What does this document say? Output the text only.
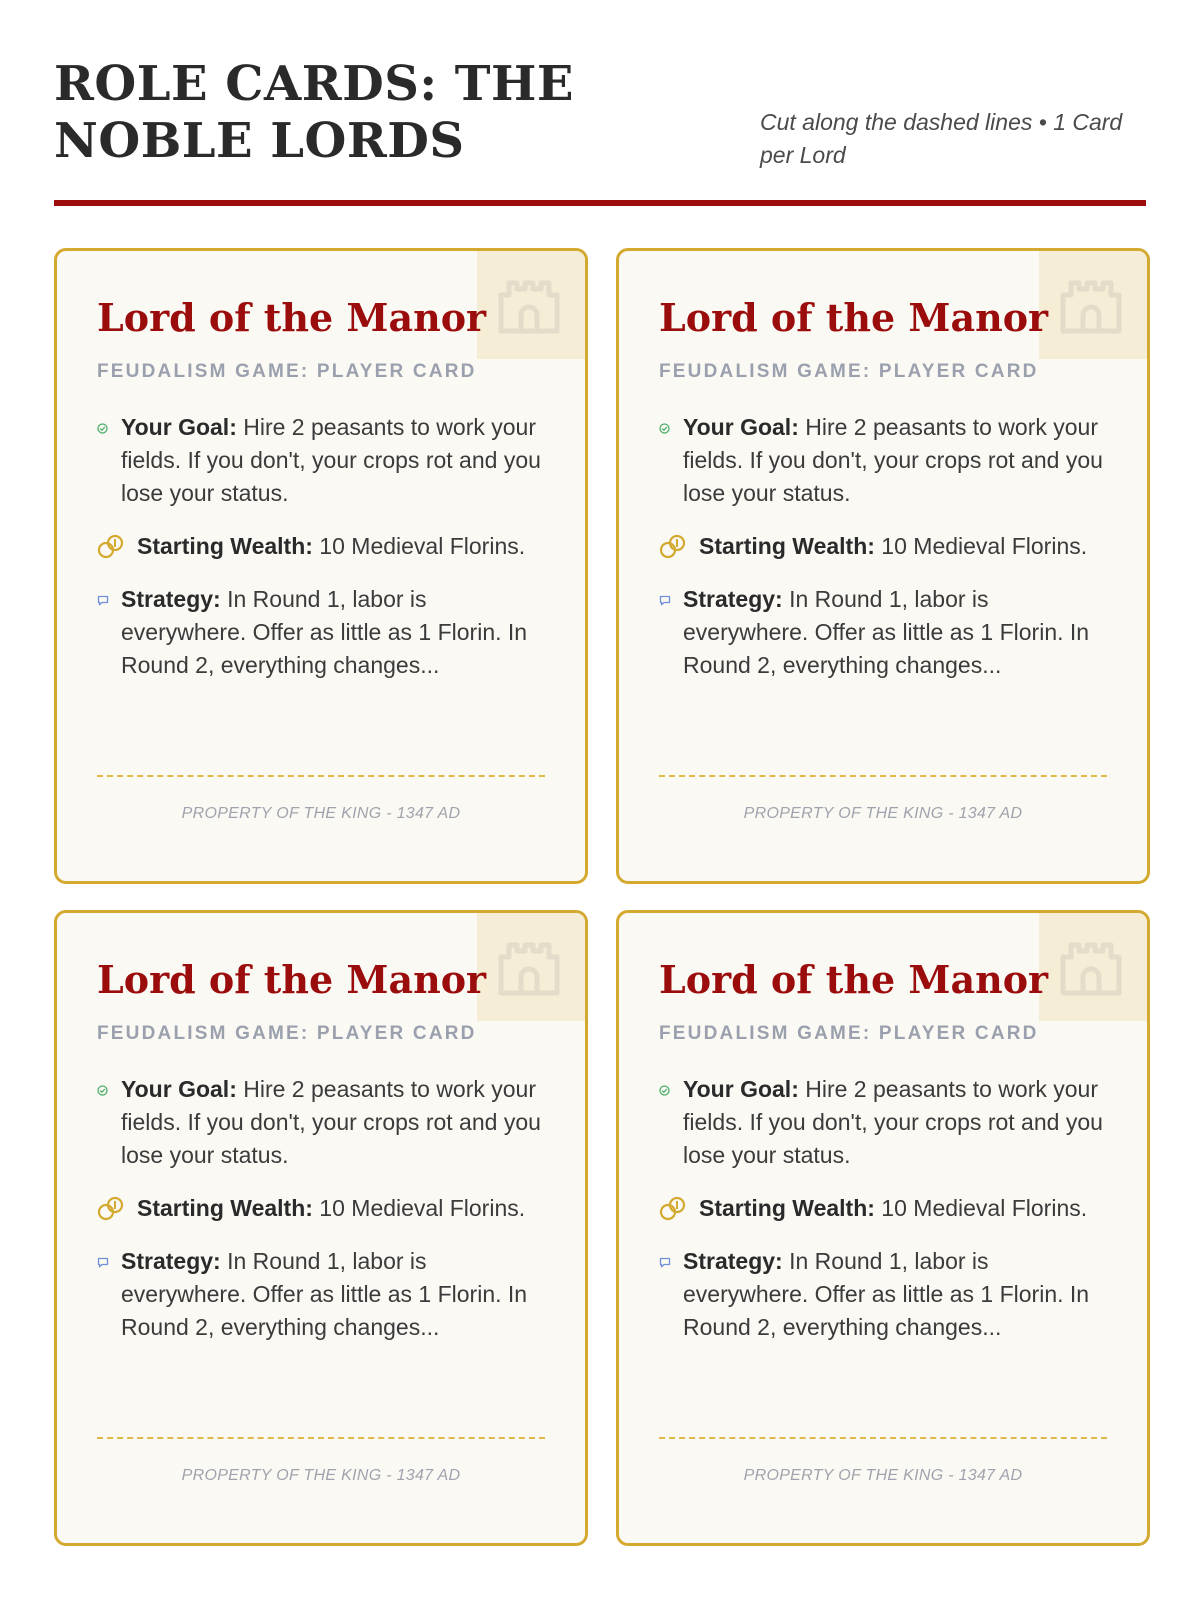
ROLE CARDS: THE NOBLE LORDS	Cut along the dashed lines • 1 Card per Lord
Lord of the Manor
FEUDALISM GAME: PLAYER CARD
Your Goal: Hire 2 peasants to work your fields. If you don't, your crops rot and you lose your status.
Starting Wealth: 10 Medieval Florins.
Strategy: In Round 1, labor is everywhere. Offer as little as 1 Florin. In Round 2, everything changes...
PROPERTY OF THE KING - 1347 AD
Lord of the Manor
FEUDALISM GAME: PLAYER CARD
Your Goal: Hire 2 peasants to work your fields. If you don't, your crops rot and you lose your status.
Starting Wealth: 10 Medieval Florins.
Strategy: In Round 1, labor is everywhere. Offer as little as 1 Florin. In Round 2, everything changes...
PROPERTY OF THE KING - 1347 AD
Lord of the Manor
FEUDALISM GAME: PLAYER CARD
Your Goal: Hire 2 peasants to work your fields. If you don't, your crops rot and you lose your status.
Starting Wealth: 10 Medieval Florins.
Strategy: In Round 1, labor is everywhere. Offer as little as 1 Florin. In Round 2, everything changes...
PROPERTY OF THE KING - 1347 AD
Lord of the Manor
FEUDALISM GAME: PLAYER CARD
Your Goal: Hire 2 peasants to work your fields. If you don't, your crops rot and you lose your status.
Starting Wealth: 10 Medieval Florins.
Strategy: In Round 1, labor is everywhere. Offer as little as 1 Florin. In Round 2, everything changes...
PROPERTY OF THE KING - 1347 AD
